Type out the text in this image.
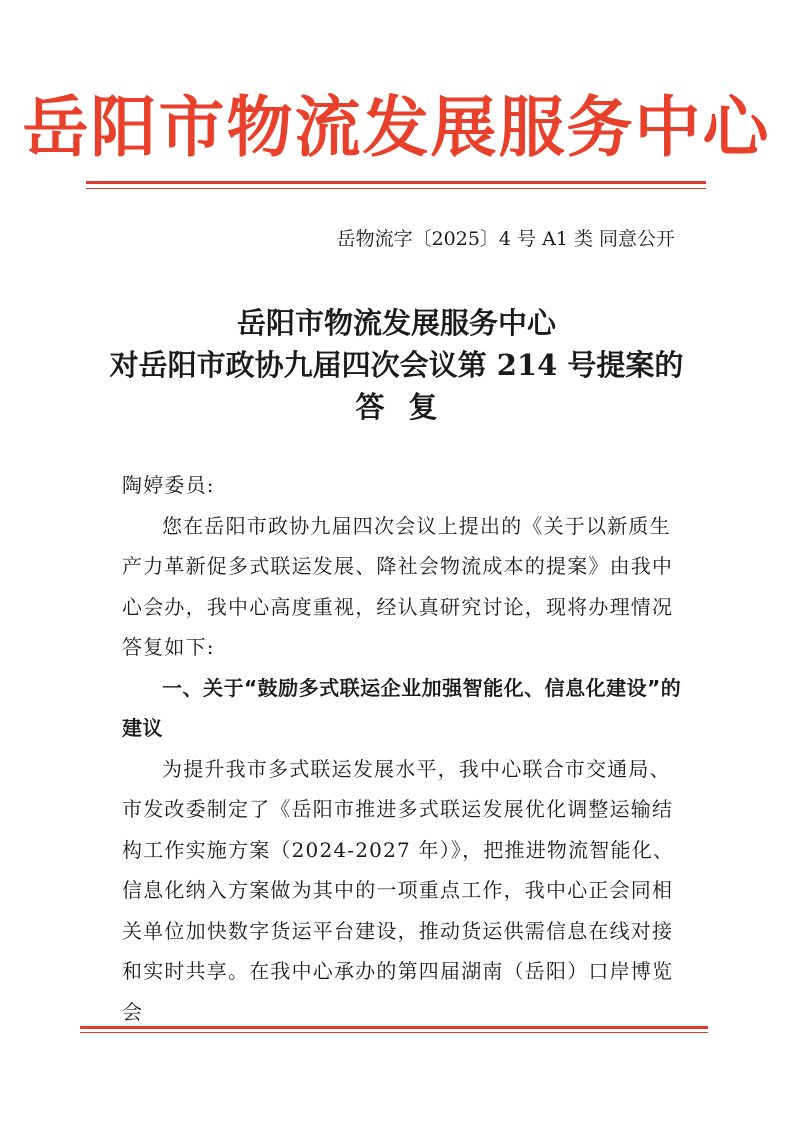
岳阳市物流发展服务中心
岳物流字〔2025〕4 号 A1 类 同意公开
岳阳市物流发展服务中心
对岳阳市政协九届四次会议第 214 号提案的
答复

陶婷委员:

您在岳阳市政协九届四次会议上提出的《关于以新质生产力革新促多式联运发展、降社会物流成本的提案》由我中心会办，我中心高度重视，经认真研究讨论，现将办理情况答复如下:

一、关于“鼓励多式联运企业加强智能化、信息化建设”的建议

为提升我市多式联运发展水平，我中心联合市交通局、市发改委制定了《岳阳市推进多式联运发展优化调整运输结构工作实施方案（2024-2027 年）》，把推进物流智能化、信息化纳入方案做为其中的一项重点工作，我中心正会同相关单位加快数字货运平台建设，推动货运供需信息在线对接和实时共享。在我中心承办的第四届湖南（岳阳）口岸博览会
